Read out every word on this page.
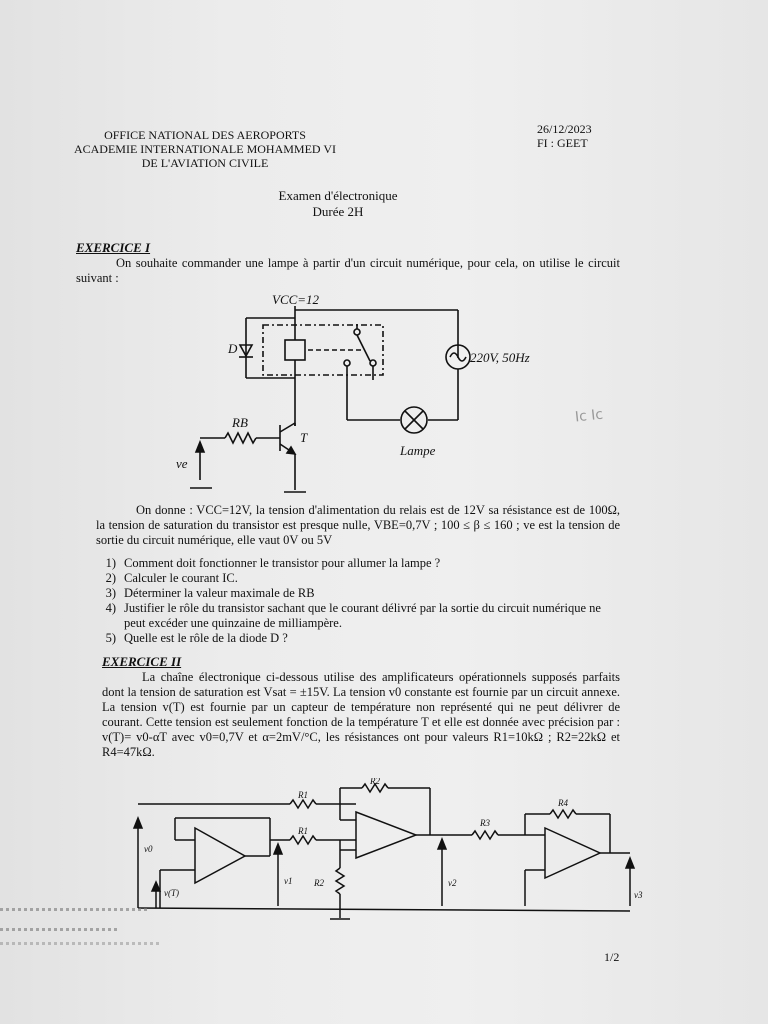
OFFICE NATIONAL DES AEROPORTS
ACADEMIE INTERNATIONALE MOHAMMED VI
DE L'AVIATION CIVILE
26/12/2023
FI : GEET
Examen d'électronique
Durée 2H
EXERCICE I
On souhaite commander une lampe à partir d'un circuit numérique, pour cela, on utilise le circuit suivant :
VCC=12
D
220V, 50Hz
RB
T
ve
Lampe
Ic Ic
On donne : VCC=12V, la tension d'alimentation du relais est de 12V sa résistance est de 100Ω, la tension de saturation du transistor est presque nulle, VBE=0,7V ; 100 ≤ β ≤ 160 ; ve est la tension de sortie du circuit numérique, elle vaut 0V ou 5V
1) Comment doit fonctionner le transistor pour allumer la lampe ?
2) Calculer le courant IC.
3) Déterminer la valeur maximale de RB
4) Justifier le rôle du transistor sachant que le courant délivré par la sortie du circuit numérique ne peut excéder une quinzaine de milliampère.
5) Quelle est le rôle de la diode D ?
EXERCICE II
La chaîne électronique ci-dessous utilise des amplificateurs opérationnels supposés parfaits dont la tension de saturation est Vsat = ±15V. La tension v0 constante est fournie par un circuit annexe. La tension v(T) est fournie par un capteur de température non représenté qui ne peut délivrer de courant. Cette tension est seulement fonction de la température T et elle est donnée avec précision par : v(T)= v0-αT avec v0=0,7V et α=2mV/°C, les résistances ont pour valeurs R1=10kΩ ; R2=22kΩ et R4=47kΩ.
v0
v(T)
R1
R1
R2
R2
R3
R4
v1	v2
v3
1/2
